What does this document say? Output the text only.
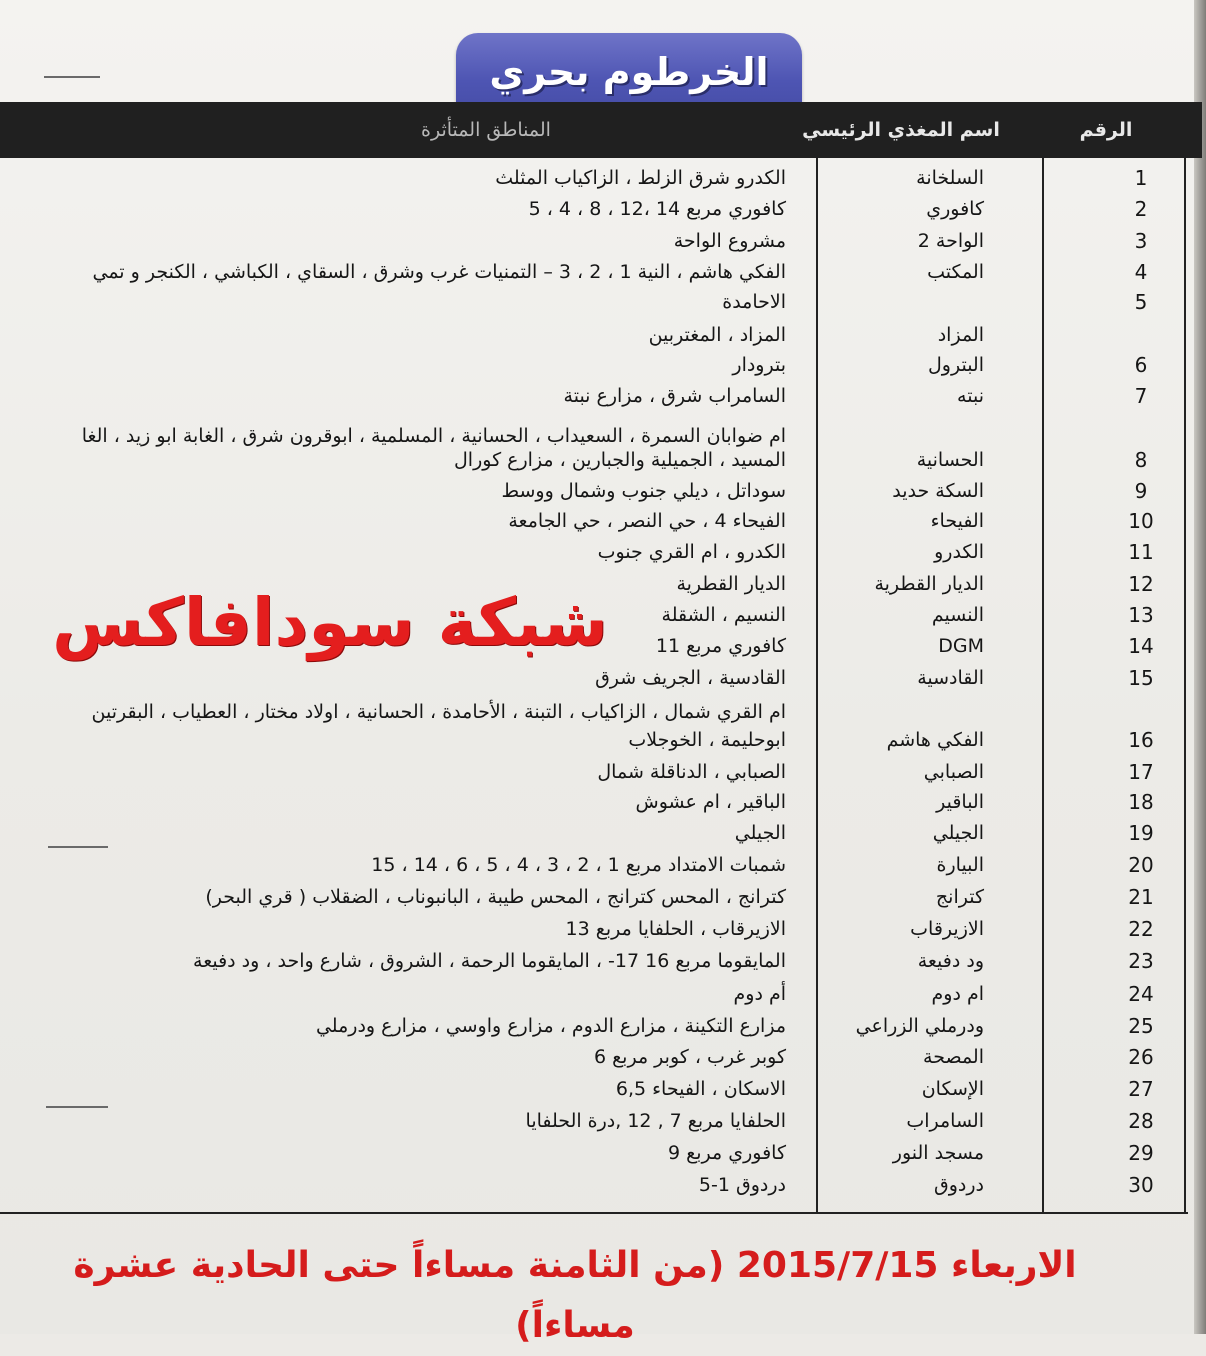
الخرطوم بحري
الرقم
اسم المغذي الرئيسي
المناطق المتأثرة
1
السلخانة
الكدرو شرق الزلط ، الزاكياب المثلث
2
كافوري
كافوري مربع 14 ،12 ، 8 ، 4 ، 5
3
الواحة 2
مشروع الواحة
4
المكتب
الفكي هاشم ، النية 1 ، 2 ، 3 – التمنيات غرب وشرق ، السقاي ، الكباشي ، الكنجر و تمي
5
الاحامدة
المزاد
المزاد ، المغتربين
6
البترول
بترودار
7
نبته
السامراب شرق ، مزارع نبتة
ام ضوابان السمرة ، السعيداب ، الحسانية ، المسلمية ، ابوقرون شرق ، الغابة ابو زيد ، الغا
8
الحسانية
المسيد ، الجميلية والجبارين ، مزارع كورال
9
السكة حديد
سوداتل ، ديلي جنوب وشمال ووسط
10
الفيحاء
الفيحاء 4 ، حي النصر ، حي الجامعة
11
الكدرو
الكدرو ، ام القري جنوب
12
الديار القطرية
الديار القطرية
13
النسيم
النسيم ، الشقلة
14
DGM
كافوري مربع 11
15
القادسية
القادسية ، الجريف شرق
ام القري شمال ، الزاكياب ، التبنة ، الأحامدة ، الحسانية ، اولاد مختار ، العطياب ، البقرتين
16
الفكي هاشم
ابوحليمة ، الخوجلاب
17
الصبابي
الصبابي ، الدناقلة شمال
18
الباقير
الباقير ، ام عشوش
19
الجيلي
الجيلي
20
البيارة
شمبات الامتداد مربع 1 ، 2 ، 3 ، 4 ، 5 ، 6 ، 14 ، 15
21
كترانج
كترانج ، المحس كترانج ، المحس طيبة ، البانبوناب ، الضقلاب ( قري البحر)
22
الازيرقاب
الازيرقاب ، الحلفايا مربع 13
23
ود دفيعة
المايقوما مربع 16 17- ، المايقوما الرحمة ، الشروق ، شارع واحد ، ود دفيعة
24
ام دوم
أم دوم
25
ودرملي الزراعي
مزارع التكينة ، مزارع الدوم ، مزارع واوسي ، مزارع ودرملي
26
المصحة
كوبر غرب ، كوبر مربع 6
27
الإسكان
الاسكان ، الفيحاء 6,5
28
السامراب
الحلفايا مربع 7 , 12 ,درة الحلفايا
29
مسجد النور
كافوري مربع 9
30
دردوق
دردوق 1-5
شبكة سودافاكس
الاربعاء 2015/7/15 (من الثامنة مساءاً حتى الحادية عشرة مساءاً)
